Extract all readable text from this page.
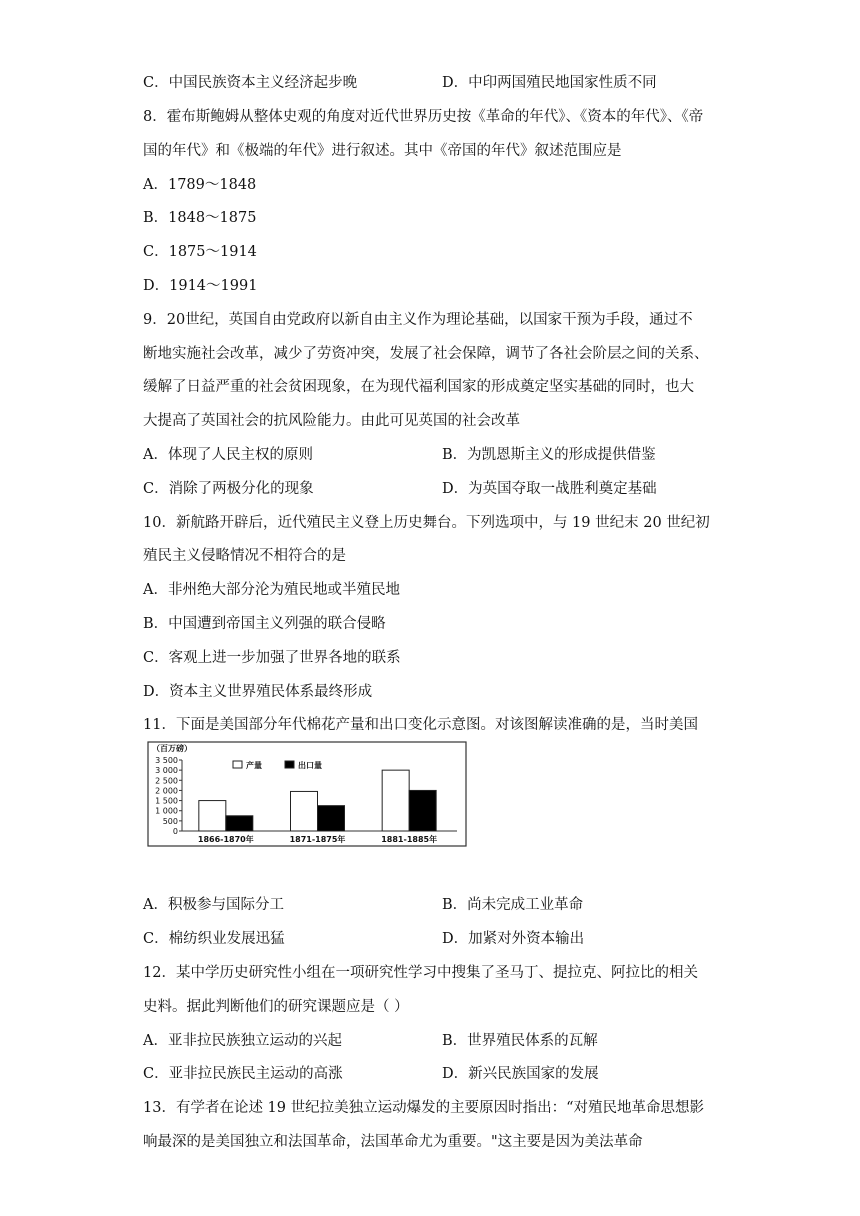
C．中国民族资本主义经济起步晚	D．中印两国殖民地国家性质不同
8．霍布斯鲍姆从整体史观的角度对近代世界历史按《革命的年代》、《资本的年代》、《帝
国的年代》和《极端的年代》进行叙述。其中《帝国的年代》叙述范围应是
A．1789～1848
B．1848～1875
C．1875～1914
D．1914～1991
9．20世纪，英国自由党政府以新自由主义作为理论基础，以国家干预为手段，通过不
断地实施社会改革，减少了劳资冲突，发展了社会保障，调节了各社会阶层之间的关系、
缓解了日益严重的社会贫困现象，在为现代福利国家的形成奠定坚实基础的同时，也大
大提高了英国社会的抗风险能力。由此可见英国的社会改革
A．体现了人民主权的原则	B．为凯恩斯主义的形成提供借鉴
C．消除了两极分化的现象	D．为英国夺取一战胜利奠定基础
10．新航路开辟后，近代殖民主义登上历史舞台。下列选项中，与 19 世纪末 20 世纪初
殖民主义侵略情况不相符合的是
A．非州绝大部分沦为殖民地或半殖民地
B．中国遭到帝国主义列强的联合侵略
C．客观上进一步加强了世界各地的联系
D．资本主义世界殖民体系最终形成
11．下面是美国部分年代棉花产量和出口变化示意图。对该图解读准确的是，当时美国
（百万磅）
0
500
1 000
1 500
2 000
2 500
3 000
3 500
1866-1870年	1871-1875年	1881-1885年
产量	出口量
A．积极参与国际分工	B．尚未完成工业革命
C．棉纺织业发展迅猛	D．加紧对外资本输出
12．某中学历史研究性小组在一项研究性学习中搜集了圣马丁、提拉克、阿拉比的相关
史料。据此判断他们的研究课题应是（ ）
A．亚非拉民族独立运动的兴起	B．世界殖民体系的瓦解
C．亚非拉民族民主运动的高涨	D．新兴民族国家的发展
13．有学者在论述 19 世纪拉美独立运动爆发的主要原因时指出：“对殖民地革命思想影
响最深的是美国独立和法国革命，法国革命尤为重要。"这主要是因为美法革命
